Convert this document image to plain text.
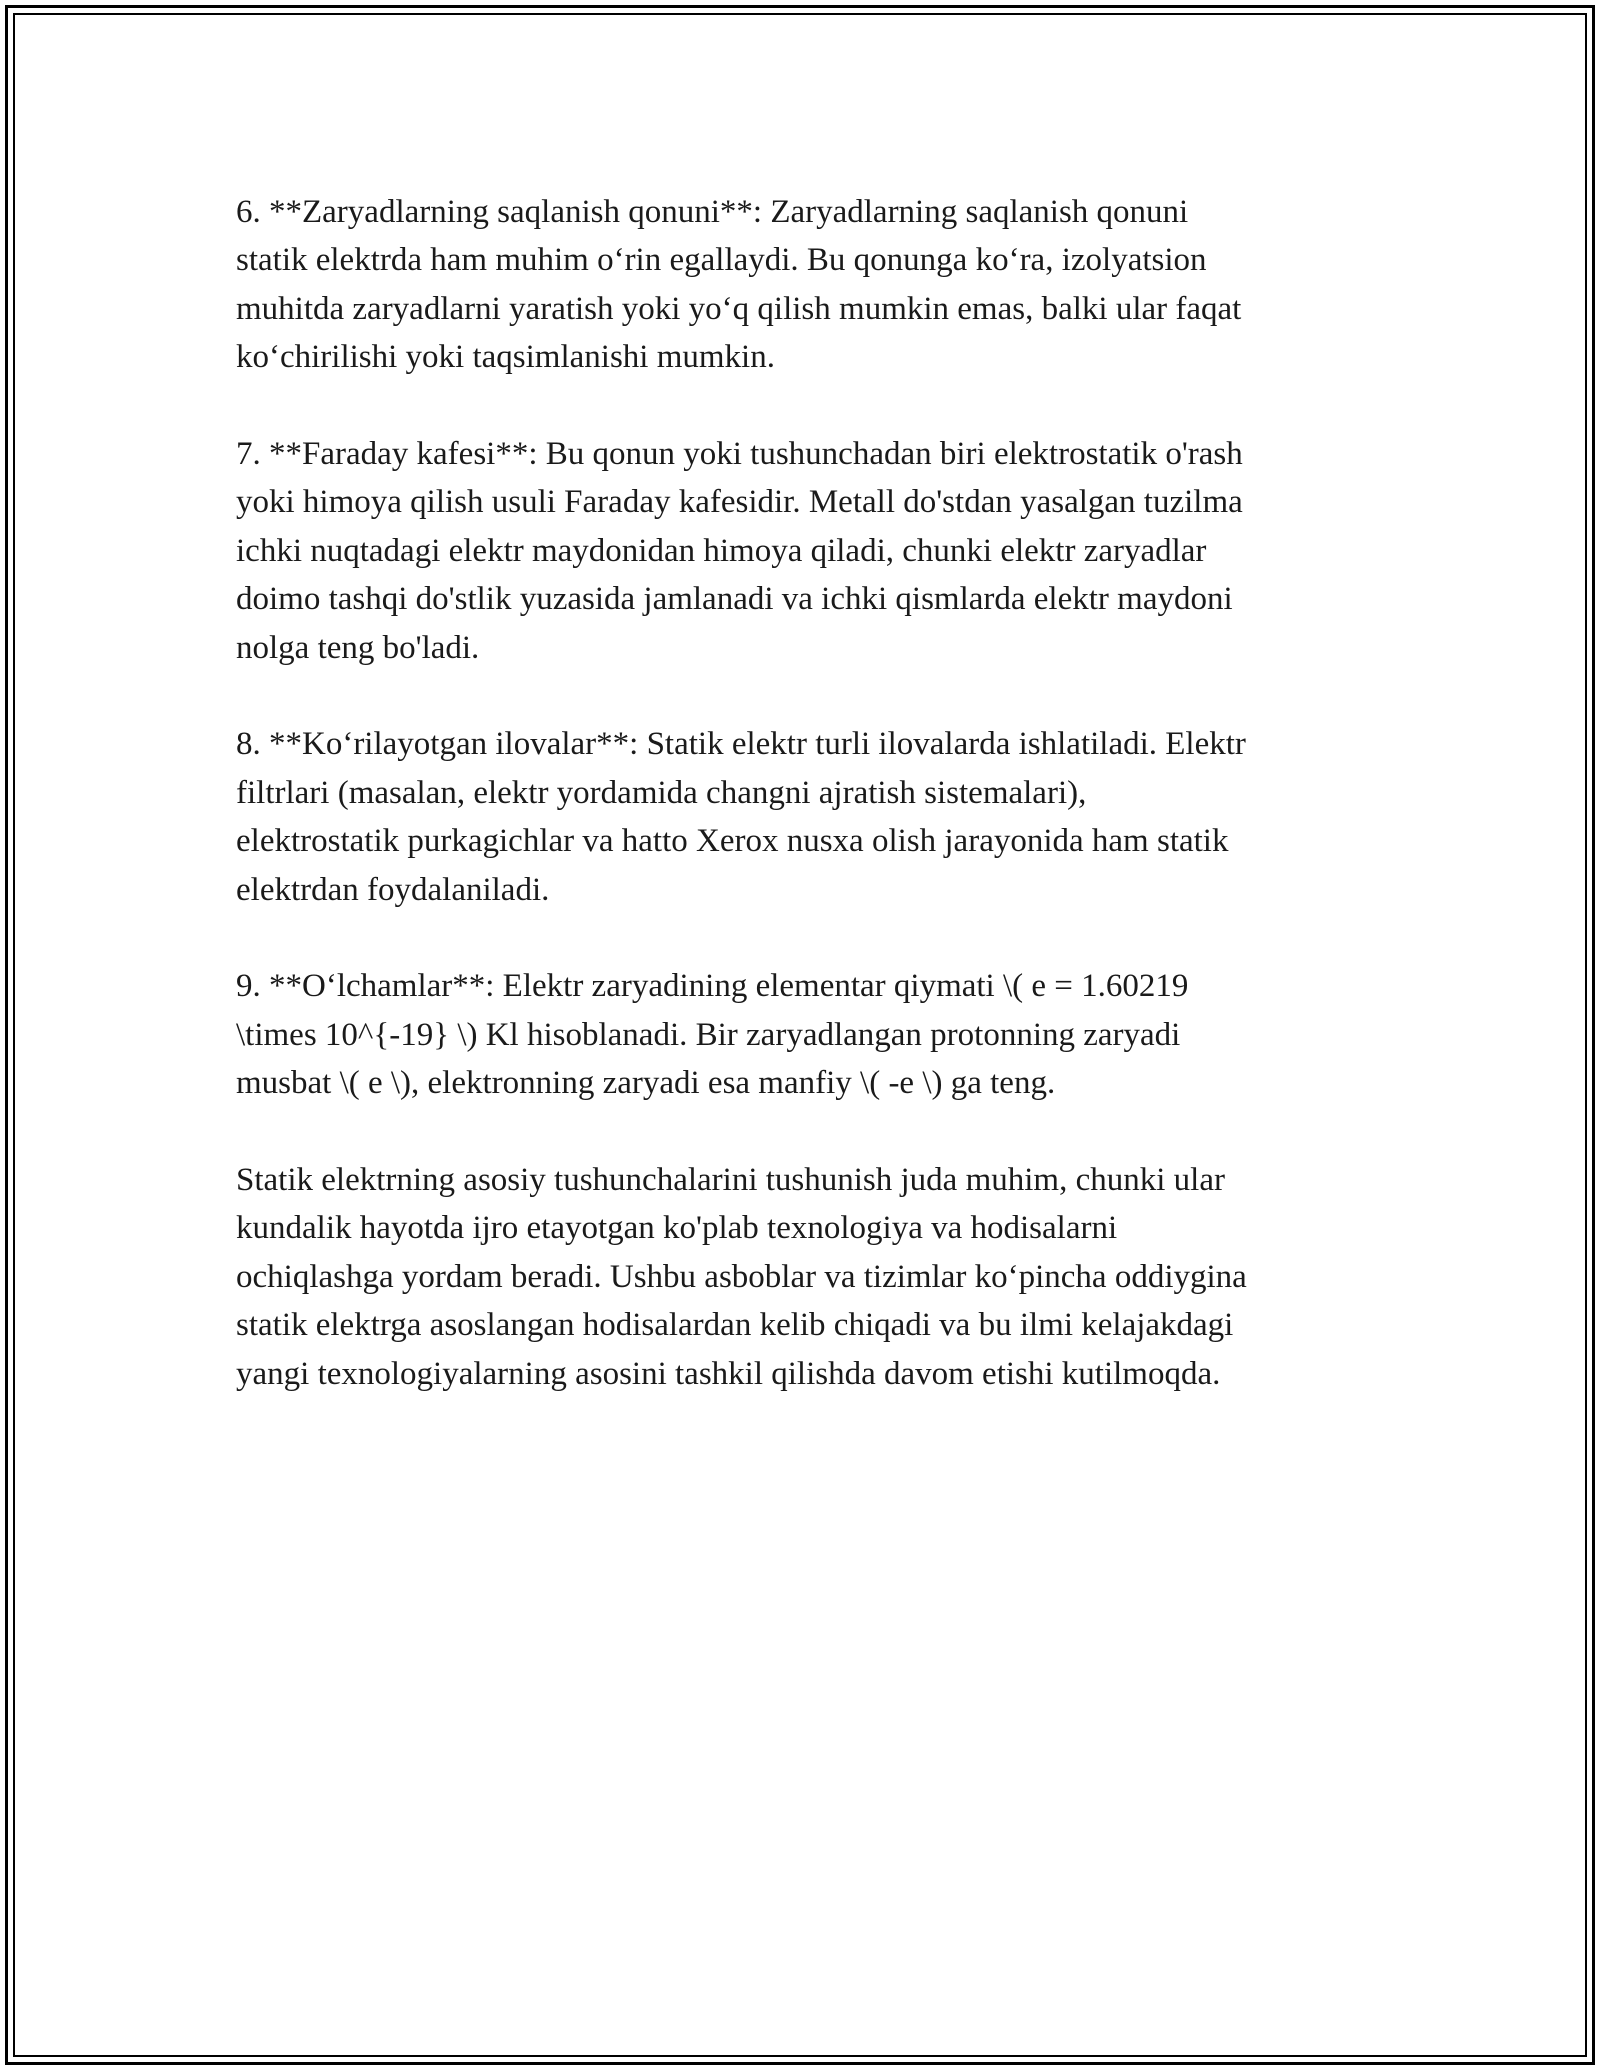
6. **Zaryadlarning saqlanish qonuni**: Zaryadlarning saqlanish qonuni
statik elektrda ham muhim o‘rin egallaydi. Bu qonunga ko‘ra, izolyatsion
muhitda zaryadlarni yaratish yoki yo‘q qilish mumkin emas, balki ular faqat
ko‘chirilishi yoki taqsimlanishi mumkin.

7. **Faraday kafesi**: Bu qonun yoki tushunchadan biri elektrostatik o'rash
yoki himoya qilish usuli Faraday kafesidir. Metall do'stdan yasalgan tuzilma
ichki nuqtadagi elektr maydonidan himoya qiladi, chunki elektr zaryadlar
doimo tashqi do'stlik yuzasida jamlanadi va ichki qismlarda elektr maydoni
nolga teng bo'ladi.

8. **Ko‘rilayotgan ilovalar**: Statik elektr turli ilovalarda ishlatiladi. Elektr
filtrlari (masalan, elektr yordamida changni ajratish sistemalari),
elektrostatik purkagichlar va hatto Xerox nusxa olish jarayonida ham statik
elektrdan foydalaniladi.

9. **O‘lchamlar**: Elektr zaryadining elementar qiymati \( e = 1.60219
\times 10^{-19} \) Kl hisoblanadi. Bir zaryadlangan protonning zaryadi
musbat \( e \), elektronning zaryadi esa manfiy \( -e \) ga teng.

Statik elektrning asosiy tushunchalarini tushunish juda muhim, chunki ular
kundalik hayotda ijro etayotgan ko'plab texnologiya va hodisalarni
ochiqlashga yordam beradi. Ushbu asboblar va tizimlar ko‘pincha oddiygina
statik elektrga asoslangan hodisalardan kelib chiqadi va bu ilmi kelajakdagi
yangi texnologiyalarning asosini tashkil qilishda davom etishi kutilmoqda.
